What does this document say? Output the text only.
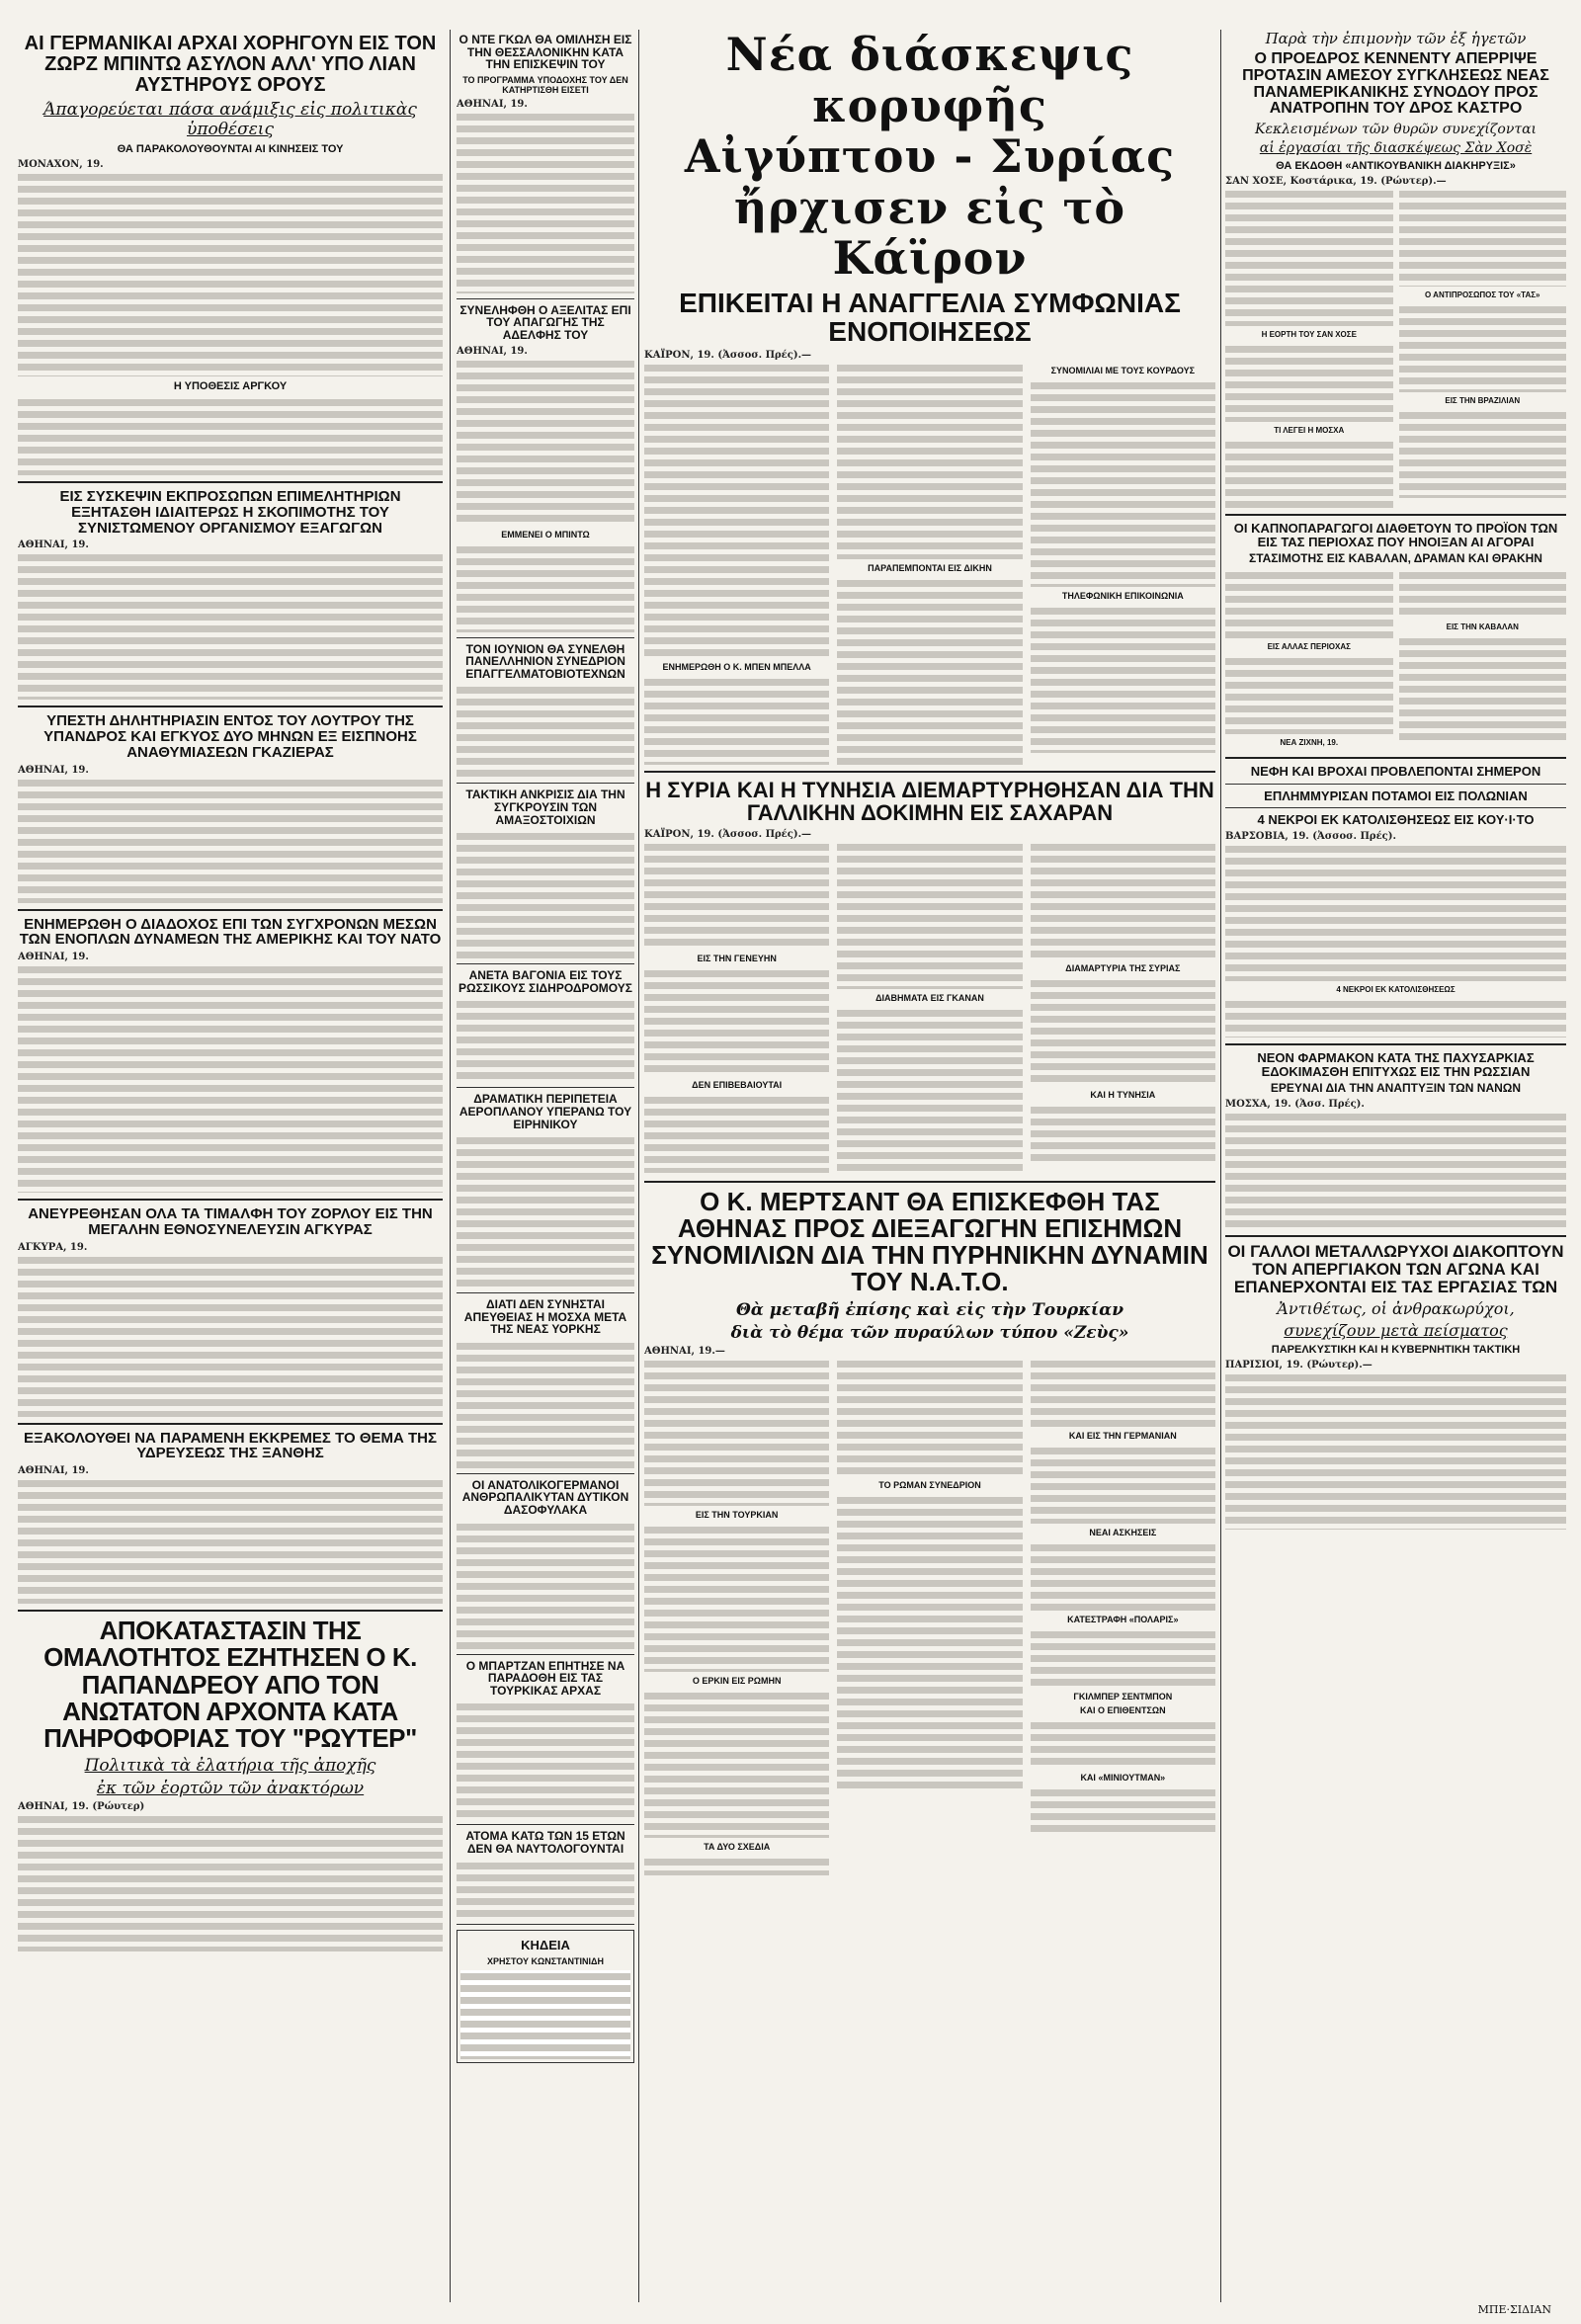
ΑΙ ΓΕΡΜΑΝΙΚΑΙ ΑΡΧΑΙ ΧΟΡΗΓΟΥΝ ΕΙΣ ΤΟΝ ΖΩΡΖ ΜΠΙΝΤΩ ΑΣΥΛΟΝ ΑΛΛ' ΥΠΟ ΛΙΑΝ ΑΥΣΤΗΡΟΥΣ ΟΡΟΥΣ
Άπαγορεύεται πάσα ανάμιξις εἰς πολιτικὰς ὑποθέσεις
ΘΑ ΠΑΡΑΚΟΛΟΥΘΟΥΝΤΑΙ ΑΙ ΚΙΝΗΣΕΙΣ ΤΟΥ
ΜΟΝΑΧΟΝ, 19.
Η ΥΠΟΘΕΣΙΣ ΑΡΓΚΟΥ
ΕΙΣ ΣΥΣΚΕΨΙΝ ΕΚΠΡΟΣΩΠΩΝ ΕΠΙΜΕΛΗΤΗΡΙΩΝ ΕΞΗΤΑΣΘΗ ΙΔΙΑΙΤΕΡΩΣ Η ΣΚΟΠΙΜΟΤΗΣ ΤΟΥ ΣΥΝΙΣΤΩΜΕΝΟΥ ΟΡΓΑΝΙΣΜΟΥ ΕΞΑΓΩΓΩΝ
ΑΘΗΝΑΙ, 19.
ΥΠΕΣΤΗ ΔΗΛΗΤΗΡΙΑΣΙΝ ΕΝΤΟΣ ΤΟΥ ΛΟΥΤΡΟΥ ΤΗΣ ΥΠΑΝΔΡΟΣ ΚΑΙ ΕΓΚΥΟΣ ΔΥΟ ΜΗΝΩΝ ΕΞ ΕΙΣΠΝΟΗΣ ΑΝΑΘΥΜΙΑΣΕΩΝ ΓΚΑΖΙΕΡΑΣ
ΑΘΗΝΑΙ, 19.
ΕΝΗΜΕΡΩΘΗ Ο ΔΙΑΔΟΧΟΣ ΕΠΙ ΤΩΝ ΣΥΓΧΡΟΝΩΝ ΜΕΣΩΝ ΤΩΝ ΕΝΟΠΛΩΝ ΔΥΝΑΜΕΩΝ ΤΗΣ ΑΜΕΡΙΚΗΣ ΚΑΙ ΤΟΥ ΝΑΤΟ
ΑΘΗΝΑΙ, 19.
ΑΝΕΥΡΕΘΗΣΑΝ ΟΛΑ ΤΑ ΤΙΜΑΛΦΗ ΤΟΥ ΖΟΡΛΟΥ ΕΙΣ ΤΗΝ ΜΕΓΑΛΗΝ ΕΘΝΟΣΥΝΕΛΕΥΣΙΝ ΑΓΚΥΡΑΣ
ΑΓΚΥΡΑ, 19.
ΕΞΑΚΟΛΟΥΘΕΙ ΝΑ ΠΑΡΑΜΕΝΗ ΕΚΚΡΕΜΕΣ ΤΟ ΘΕΜΑ ΤΗΣ ΥΔΡΕΥΣΕΩΣ ΤΗΣ ΞΑΝΘΗΣ
ΑΘΗΝΑΙ, 19.
ΑΠΟΚΑΤΑΣΤΑΣΙΝ ΤΗΣ ΟΜΑΛΟΤΗΤΟΣ ΕΖΗΤΗΣΕΝ Ο Κ. ΠΑΠΑΝΔΡΕΟΥ ΑΠΟ ΤΟΝ ΑΝΩΤΑΤΟΝ ΑΡΧΟΝΤΑ ΚΑΤΑ ΠΛΗΡΟΦΟΡΙΑΣ ΤΟΥ "ΡΩΥΤΕΡ"
Πολιτικὰ τὰ ἐλατήρια τῆς ἀποχῆς
ἐκ τῶν ἑορτῶν τῶν ἀνακτόρων
ΑΘΗΝΑΙ, 19. (Ρώυτερ)
Ο ΝΤΕ ΓΚΩΛ ΘΑ ΟΜΙΛΗΣΗ ΕΙΣ ΤΗΝ ΘΕΣΣΑΛΟΝΙΚΗΝ ΚΑΤΑ ΤΗΝ ΕΠΙΣΚΕΨΙΝ ΤΟΥ
ΤΟ ΠΡΟΓΡΑΜΜΑ ΥΠΟΔΟΧΗΣ ΤΟΥ ΔΕΝ ΚΑΤΗΡΤΙΣΘΗ ΕΙΣΕΤΙ
ΑΘΗΝΑΙ, 19.
ΣΥΝΕΛΗΦΘΗ Ο ΑΞΕΛΙΤΑΣ ΕΠΙ ΤΟΥ ΑΠΑΓΩΓΗΣ ΤΗΣ ΑΔΕΛΦΗΣ ΤΟΥ
ΑΘΗΝΑΙ, 19.
ΕΜΜΕΝΕΙ Ο ΜΠΙΝΤΩ
ΤΟΝ ΙΟΥΝΙΟΝ ΘΑ ΣΥΝΕΛΘΗ ΠΑΝΕΛΛΗΝΙΟΝ ΣΥΝΕΔΡΙΟΝ ΕΠΑΓΓΕΛΜΑΤΟΒΙΟΤΕΧΝΩΝ
ΤΑΚΤΙΚΗ ΑΝΚΡΙΣΙΣ ΔΙΑ ΤΗΝ ΣΥΓΚΡΟΥΣΙΝ ΤΩΝ ΑΜΑΞΟΣΤΟΙΧΙΩΝ
ΑΝΕΤΑ ΒΑΓΟΝΙΑ ΕΙΣ ΤΟΥΣ ΡΩΣΣΙΚΟΥΣ ΣΙΔΗΡΟΔΡΟΜΟΥΣ
ΔΡΑΜΑΤΙΚΗ ΠΕΡΙΠΕΤΕΙΑ ΑΕΡΟΠΛΑΝΟΥ ΥΠΕΡΑΝΩ ΤΟΥ ΕΙΡΗΝΙΚΟΥ
ΔΙΑΤΙ ΔΕΝ ΣΥΝΗΣΤΑΙ ΑΠΕΥΘΕΙΑΣ Η ΜΟΣΧΑ ΜΕΤΑ ΤΗΣ ΝΕΑΣ ΥΟΡΚΗΣ
ΟΙ ΑΝΑΤΟΛΙΚΟΓΕΡΜΑΝΟΙ ΑΝΘΡΩΠΑΛΙΚΥΤΑΝ ΔΥΤΙΚΟΝ ΔΑΣΟΦΥΛΑΚΑ
Ο ΜΠΑΡΤΖΑΝ ΕΠΗΤΗΣΕ ΝΑ ΠΑΡΑΔΟΘΗ ΕΙΣ ΤΑΣ ΤΟΥΡΚΙΚΑΣ ΑΡΧΑΣ
ΑΤΟΜΑ ΚΑΤΩ ΤΩΝ 15 ΕΤΩΝ ΔΕΝ ΘΑ ΝΑΥΤΟΛΟΓΟΥΝΤΑΙ
ΚΗΔΕΙΑ
ΧΡΗΣΤΟΥ ΚΩΝΣΤΑΝΤΙΝΙΔΗ

Νέα διάσκεψις κορυφῆς

Αἰγύπτου - Συρίας

ἤρχισεν εἰς τὸ Κάϊρον

ΕΠΙΚΕΙΤΑΙ Η ΑΝΑΓΓΕΛΙΑ ΣΥΜΦΩΝΙΑΣ ΕΝΟΠΟΙΗΣΕΩΣ
ΚΑΪΡΟΝ, 19. (Ἀσσοσ. Πρές).—
ΕΝΗΜΕΡΩΘΗ Ο Κ. ΜΠΕΝ ΜΠΕΛΛΑ
ΠΑΡΑΠΕΜΠΟΝΤΑΙ ΕΙΣ ΔΙΚΗΝ
ΣΥΝΟΜΙΛΙΑΙ ΜΕ ΤΟΥΣ ΚΟΥΡΔΟΥΣ
ΤΗΛΕΦΩΝΙΚΗ ΕΠΙΚΟΙΝΩΝΙΑ
Η ΣΥΡΙΑ ΚΑΙ Η ΤΥΝΗΣΙΑ ΔΙΕΜΑΡΤΥΡΗΘΗΣΑΝ ΔΙΑ ΤΗΝ ΓΑΛΛΙΚΗΝ ΔΟΚΙΜΗΝ ΕΙΣ ΣΑΧΑΡΑΝ
ΚΑΪΡΟΝ, 19. (Ἀσσοσ. Πρές).—
ΕΙΣ ΤΗΝ ΓΕΝΕΥΗΝ
ΔΕΝ ΕΠΙΒΕΒΑΙΟΥΤΑΙ
ΔΙΑΒΗΜΑΤΑ ΕΙΣ ΓΚΑΝΑΝ
ΔΙΑΜΑΡΤΥΡΙΑ ΤΗΣ ΣΥΡΙΑΣ
ΚΑΙ Η ΤΥΝΗΣΙΑ
Ο Κ. ΜΕΡΤΣΑΝΤ ΘΑ ΕΠΙΣΚΕΦΘΗ ΤΑΣ ΑΘΗΝΑΣ ΠΡΟΣ ΔΙΕΞΑΓΩΓΗΝ ΕΠΙΣΗΜΩΝ ΣΥΝΟΜΙΛΙΩΝ ΔΙΑ ΤΗΝ ΠΥΡΗΝΙΚΗΝ ΔΥΝΑΜΙΝ ΤΟΥ Ν.Α.Τ.Ο.
Θὰ μεταβῆ ἐπίσης καὶ εἰς τὴν Τουρκίαν
διὰ τὸ θέμα τῶν πυραύλων τύπου «Ζεὺς»
ΑΘΗΝΑΙ, 19.—
ΕΙΣ ΤΗΝ ΤΟΥΡΚΙΑΝ
Ο ΕΡΚΙΝ ΕΙΣ ΡΩΜΗΝ
ΤΑ ΔΥΟ ΣΧΕΔΙΑ
ΤΟ ΡΩΜΑΝ ΣΥΝΕΔΡΙΟΝ
ΚΑΙ ΕΙΣ ΤΗΝ ΓΕΡΜΑΝΙΑΝ
ΝΕΑΙ ΑΣΚΗΣΕΙΣ
ΚΑΤΕΣΤΡΑΦΗ «ΠΟΛΑΡΙΣ»
ΓΚΙΛΜΠΕΡ ΣΕΝΤΜΠΟΝ
ΚΑΙ Ο ΕΠΙΘΕΝΤΣΩΝ
ΚΑΙ «ΜΙΝΙΟΥΤΜΑΝ»
Παρὰ τὴν ἐπιμονὴν τῶν ἐξ ἡγετῶν
Ο ΠΡΟΕΔΡΟΣ ΚΕΝΝΕΝΤΥ ΑΠΕΡΡΙΨΕ ΠΡΟΤΑΣΙΝ ΑΜΕΣΟΥ ΣΥΓΚΛΗΣΕΩΣ ΝΕΑΣ ΠΑΝΑΜΕΡΙΚΑΝΙΚΗΣ ΣΥΝΟΔΟΥ ΠΡΟΣ ΑΝΑΤΡΟΠΗΝ ΤΟΥ ΔΡΟΣ ΚΑΣΤΡΟ
Κεκλεισμένων τῶν θυρῶν συνεχίζονται
αἱ ἐργασίαι τῆς διασκέψεως Σὰν Χοσὲ
ΘΑ ΕΚΔΟΘΗ «ΑΝΤΙΚΟΥΒΑΝΙΚΗ ΔΙΑΚΗΡΥΞΙΣ»
ΣΑΝ ΧΟΣΕ, Κοστάρικα, 19. (Ρώυτερ).—
Η ΕΟΡΤΗ ΤΟΥ ΣΑΝ ΧΟΣΕ
ΤΙ ΛΕΓΕΙ Η ΜΟΣΧΑ
Ο ΑΝΤΙΠΡΟΣΩΠΟΣ ΤΟΥ «ΤΑΣ»
ΕΙΣ ΤΗΝ ΒΡΑΖΙΛΙΑΝ
ΟΙ ΚΑΠΝΟΠΑΡΑΓΩΓΟΙ ΔΙΑΘΕΤΟΥΝ ΤΟ ΠΡΟΪΟΝ ΤΩΝ ΕΙΣ ΤΑΣ ΠΕΡΙΟΧΑΣ ΠΟΥ ΗΝΟΙΞΑΝ ΑΙ ΑΓΟΡΑΙ
ΣΤΑΣΙΜΟΤΗΣ ΕΙΣ ΚΑΒΑΛΑΝ, ΔΡΑΜΑΝ ΚΑΙ ΘΡΑΚΗΝ
ΕΙΣ ΑΛΛΑΣ ΠΕΡΙΟΧΑΣ
ΝΕΑ ΖΙΧΝΗ, 19.
ΕΙΣ ΤΗΝ ΚΑΒΑΛΑΝ
ΝΕΦΗ ΚΑΙ ΒΡΟΧΑΙ ΠΡΟΒΛΕΠΟΝΤΑΙ ΣΗΜΕΡΟΝ
ΕΠΛΗΜΜΥΡΙΣΑΝ ΠΟΤΑΜΟΙ ΕΙΣ ΠΟΛΩΝΙΑΝ
4 ΝΕΚΡΟΙ ΕΚ ΚΑΤΟΛΙΣΘΗΣΕΩΣ ΕΙΣ ΚΟΥ·Ι·ΤΟ
ΒΑΡΣΟΒΙΑ, 19. (Ἀσσοσ. Πρές).
4 ΝΕΚΡΟΙ ΕΚ ΚΑΤΟΛΙΣΘΗΣΕΩΣ
ΝΕΟΝ ΦΑΡΜΑΚΟΝ ΚΑΤΑ ΤΗΣ ΠΑΧΥΣΑΡΚΙΑΣ ΕΔΟΚΙΜΑΣΘΗ ΕΠΙΤΥΧΩΣ ΕΙΣ ΤΗΝ ΡΩΣΣΙΑΝ
ΕΡΕΥΝΑΙ ΔΙΑ ΤΗΝ ΑΝΑΠΤΥΞΙΝ ΤΩΝ ΝΑΝΩΝ
ΜΟΣΧΑ, 19. (Ἀσσ. Πρές).
ΟΙ ΓΑΛΛΟΙ ΜΕΤΑΛΛΩΡΥΧΟΙ ΔΙΑΚΟΠΤΟΥΝ ΤΟΝ ΑΠΕΡΓΙΑΚΟΝ ΤΩΝ ΑΓΩΝΑ ΚΑΙ ΕΠΑΝΕΡΧΟΝΤΑΙ ΕΙΣ ΤΑΣ ΕΡΓΑΣΙΑΣ ΤΩΝ
Ἀντιθέτως, οἱ ἀνθρακωρύχοι,
συνεχίζουν μετὰ πείσματος
ΠΑΡΕΛΚΥΣΤΙΚΗ ΚΑΙ Η ΚΥΒΕΡΝΗΤΙΚΗ ΤΑΚΤΙΚΗ
ΠΑΡΙΣΙΟΙ, 19. (Ρώυτερ).—
ΜΠΕ·ΣΙΔΙΑΝ
